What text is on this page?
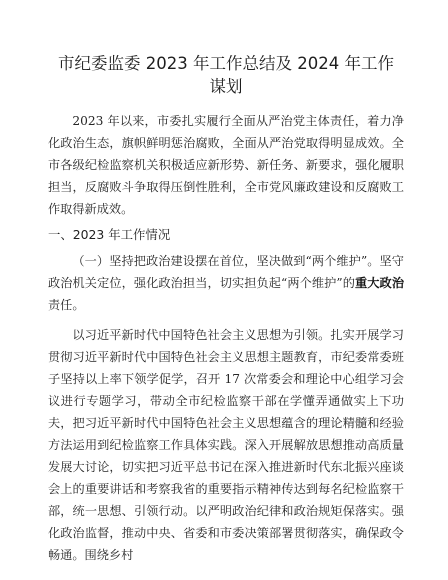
市纪委监委 2023 年工作总结及 2024 年工作谋划

2023 年以来，市委扎实履行全面从严治党主体责任，着力净化政治生态，旗帜鲜明惩治腐败，全面从严治党取得明显成效。全市各级纪检监察机关积极适应新形势、新任务、新要求，强化履职担当，反腐败斗争取得压倒性胜利，全市党风廉政建设和反腐败工作取得新成效。

一、2023 年工作情况

（一）坚持把政治建设摆在首位，坚决做到“两个维护”。坚守政治机关定位，强化政治担当，切实担负起“两个维护”的重大政治责任。

以习近平新时代中国特色社会主义思想为引领。扎实开展学习贯彻习近平新时代中国特色社会主义思想主题教育，市纪委常委班子坚持以上率下领学促学，召开 17 次常委会和理论中心组学习会议进行专题学习，带动全市纪检监察干部在学懂弄通做实上下功夫，把习近平新时代中国特色社会主义思想蕴含的理论精髓和经验方法运用到纪检监察工作具体实践。深入开展解放思想推动高质量发展大讨论，切实把习近平总书记在深入推进新时代东北振兴座谈会上的重要讲话和考察我省的重要指示精神传达到每名纪检监察干部，统一思想、引领行动。以严明政治纪律和政治规矩保落实。强化政治监督，推动中央、省委和市委决策部署贯彻落实，确保政令畅通。围绕乡村
